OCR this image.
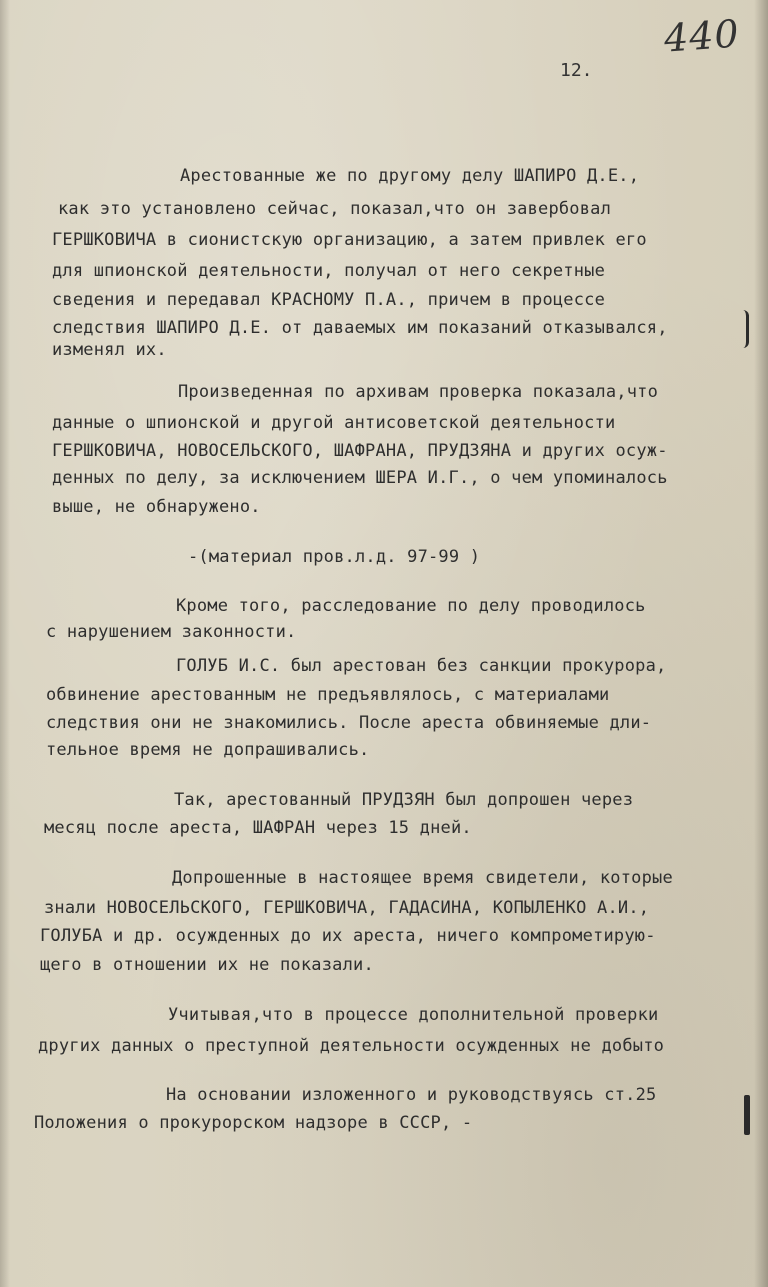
440
12.
Арестованные же по другому делу ШАПИРО Д.Е.,
как это установлено сейчас, показал,что он завербовал
ГЕРШКОВИЧА в сионистскую организацию, а затем привлек его
для шпионской деятельности, получал от него секретные
сведения и передавал КРАСНОМУ П.А., причем в процессе
следствия ШАПИРО Д.Е. от даваемых им показаний отказывался,
изменял их.
Произведенная по архивам проверка показала,что
данные о шпионской и другой антисоветской деятельности
ГЕРШКОВИЧА, НОВОСЕЛЬСКОГО, ШАФРАНА, ПРУДЗЯНА и других осуж-
денных по делу, за исключением ШЕРА И.Г., о чем упоминалось
выше, не обнаружено.
-(материал пров.л.д. 97-99 )
Кроме того, расследование по делу проводилось
с нарушением законности.
ГОЛУБ И.С. был арестован без санкции прокурора,
обвинение арестованным не предъявлялось, с материалами
следствия они не знакомились. После ареста обвиняемые дли-
тельное время не допрашивались.
Так, арестованный ПРУДЗЯН был допрошен через
месяц после ареста, ШАФРАН через 15 дней.
Допрошенные в настоящее время свидетели, которые
знали НОВОСЕЛЬСКОГО, ГЕРШКОВИЧА, ГАДАСИНА, КОПЫЛЕНКО А.И.,
ГОЛУБА и др. осужденных до их ареста, ничего компрометирую-
щего в отношении их не показали.
Учитывая,что в процессе дополнительной проверки
других данных о преступной деятельности осужденных не добыто
На основании изложенного и руководствуясь ст.25
Положения о прокурорском надзоре в СССР, -
